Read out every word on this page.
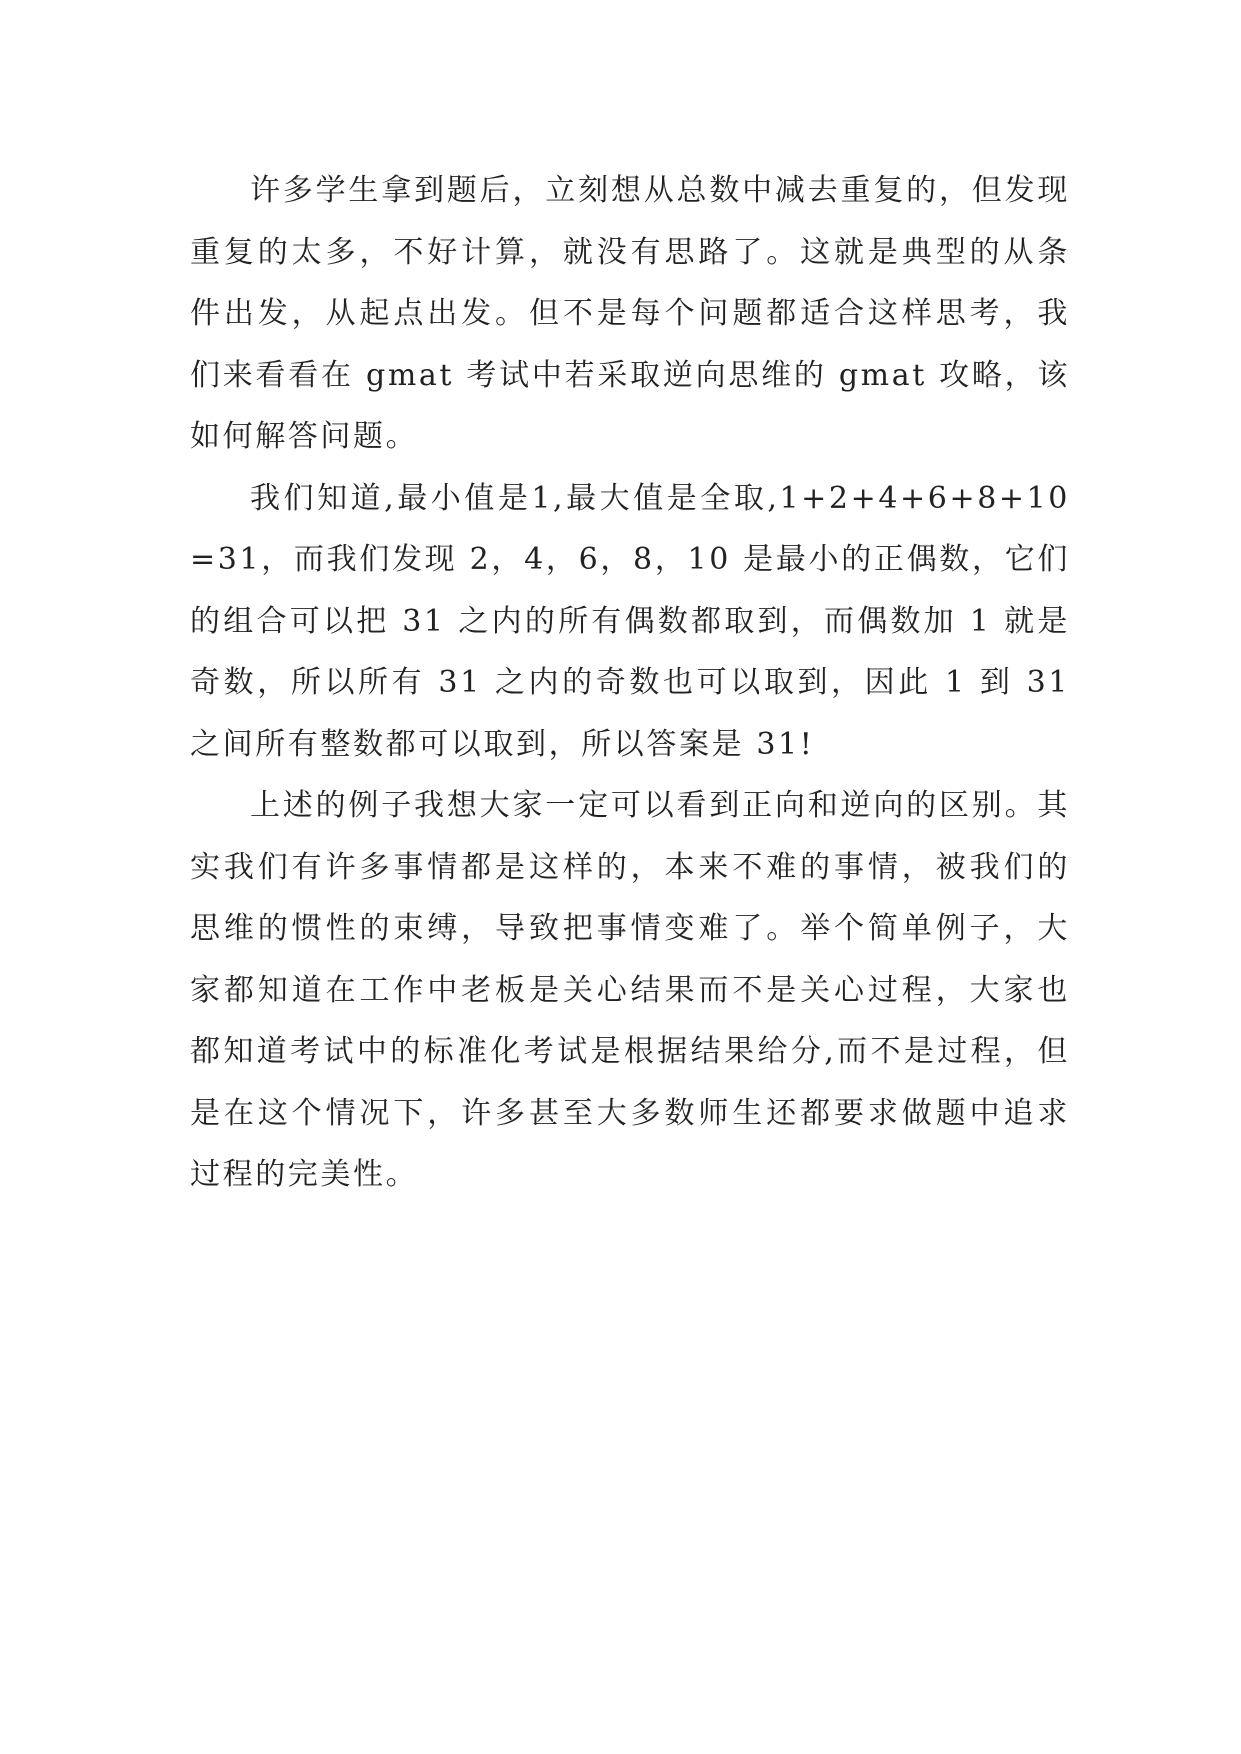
许多学生拿到题后，立刻想从总数中减去重复的，但发现重复的太多，不好计算，就没有思路了。这就是典型的从条件出发，从起点出发。但不是每个问题都适合这样思考，我们来看看在 gmat 考试中若采取逆向思维的 gmat 攻略，该如何解答问题。

我们知道,最小值是1,最大值是全取,1+2+4+6+8+10=31，而我们发现 2，4，6，8，10 是最小的正偶数，它们的组合可以把 31 之内的所有偶数都取到，而偶数加 1 就是奇数，所以所有 31 之内的奇数也可以取到，因此 1 到 31 之间所有整数都可以取到，所以答案是 31!

上述的例子我想大家一定可以看到正向和逆向的区别。其实我们有许多事情都是这样的，本来不难的事情，被我们的思维的惯性的束缚，导致把事情变难了。举个简单例子，大家都知道在工作中老板是关心结果而不是关心过程，大家也都知道考试中的标准化考试是根据结果给分,而不是过程，但是在这个情况下，许多甚至大多数师生还都要求做题中追求过程的完美性。
